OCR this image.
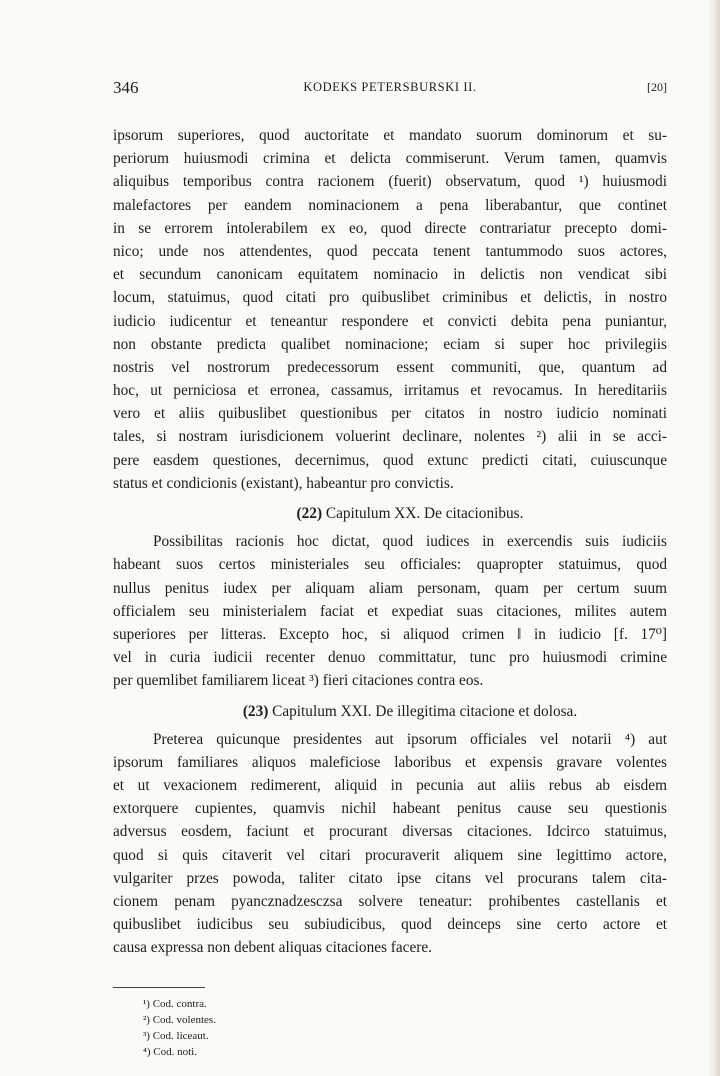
346	KODEKS PETERSBURSKI II.	[20]
ipsorum superiores, quod auctoritate et mandato suorum dominorum et su-
periorum huiusmodi crimina et delicta commiserunt. Verum tamen, quamvis
aliquibus temporibus contra racionem (fuerit) observatum, quod ¹) huiusmodi
malefactores per eandem nominacionem a pena liberabantur, que continet
in se errorem intolerabilem ex eo, quod directe contrariatur precepto domi-
nico; unde nos attendentes, quod peccata tenent tantummodo suos actores,
et secundum canonicam equitatem nominacio in delictis non vendicat sibi
locum, statuimus, quod citati pro quibuslibet criminibus et delictis, in nostro
iudicio iudicentur et teneantur respondere et convicti debita pena puniantur,
non obstante predicta qualibet nominacione; eciam si super hoc privilegiis
nostris vel nostrorum predecessorum essent communiti, que, quantum ad
hoc, ut perniciosa et erronea, cassamus, irritamus et revocamus. In hereditariis
vero et aliis quibuslibet questionibus per citatos in nostro iudicio nominati
tales, si nostram iurisdicionem voluerint declinare, nolentes ²) alii in se acci-
pere easdem questiones, decernimus, quod extunc predicti citati, cuiuscunque
status et condicionis (existant), habeantur pro convictis.
(22) Capitulum XX. De citacionibus.
Possibilitas racionis hoc dictat, quod iudices in exercendis suis iudiciis
habeant suos certos ministeriales seu officiales: quapropter statuimus, quod
nullus penitus iudex per aliquam aliam personam, quam per certum suum
officialem seu ministerialem faciat et expediat suas citaciones, milites autem
superiores per litteras. Excepto hoc, si aliquod crimen ‖ in iudicio [f. 17⁰]
vel in curia iudicii recenter denuo committatur, tunc pro huiusmodi crimine
per quemlibet familiarem liceat ³) fieri citaciones contra eos.
(23) Capitulum XXI. De illegitima citacione et dolosa.
Preterea quicunque presidentes aut ipsorum officiales vel notarii ⁴) aut
ipsorum familiares aliquos maleficiose laboribus et expensis gravare volentes
et ut vexacionem redimerent, aliquid in pecunia aut aliis rebus ab eisdem
extorquere cupientes, quamvis nichil habeant penitus cause seu questionis
adversus eosdem, faciunt et procurant diversas citaciones. Idcirco statuimus,
quod si quis citaverit vel citari procuraverit aliquem sine legittimo actore,
vulgariter przes powoda, taliter citato ipse citans vel procurans talem cita-
cionem penam pyancznadzesczsa solvere teneatur: prohibentes castellanis et
quibuslibet iudicibus seu subiudicibus, quod deinceps sine certo actore et
causa expressa non debent aliquas citaciones facere.
¹) Cod. contra.
²) Cod. volentes.
³) Cod. liceaut.
⁴) Cod. noti.
